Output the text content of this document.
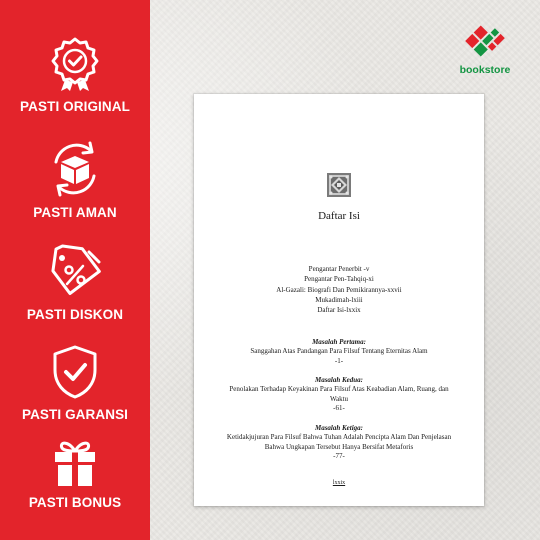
PASTI ORIGINAL
PASTI AMAN
PASTI DISKON
PASTI GARANSI
PASTI BONUS
bookstore
Daftar Isi
Pengantar Penerbit -v
Pengantar Pen-Tahqiq-xi
Al-Gazali: Biografi Dan Pemikirannya-xxvii
Mukadimah-lxiii
Daftar Isi-lxxix
Masalah Pertama:
Sanggahan Atas Pandangan Para Filsuf Tentang Eternitas Alam
-1-
Masalah Kedua:
Penolakan Terhadap Keyakinan Para Filsuf Atas Keabadian Alam, Ruang, dan Waktu
-61-
Masalah Ketiga:
Ketidakjujuran Para Filsuf Bahwa Tuhan Adalah Pencipta Alam Dan Penjelasan Bahwa Ungkapan Tersebut Hanya Bersifat Metaforis
-77-
lxxix
